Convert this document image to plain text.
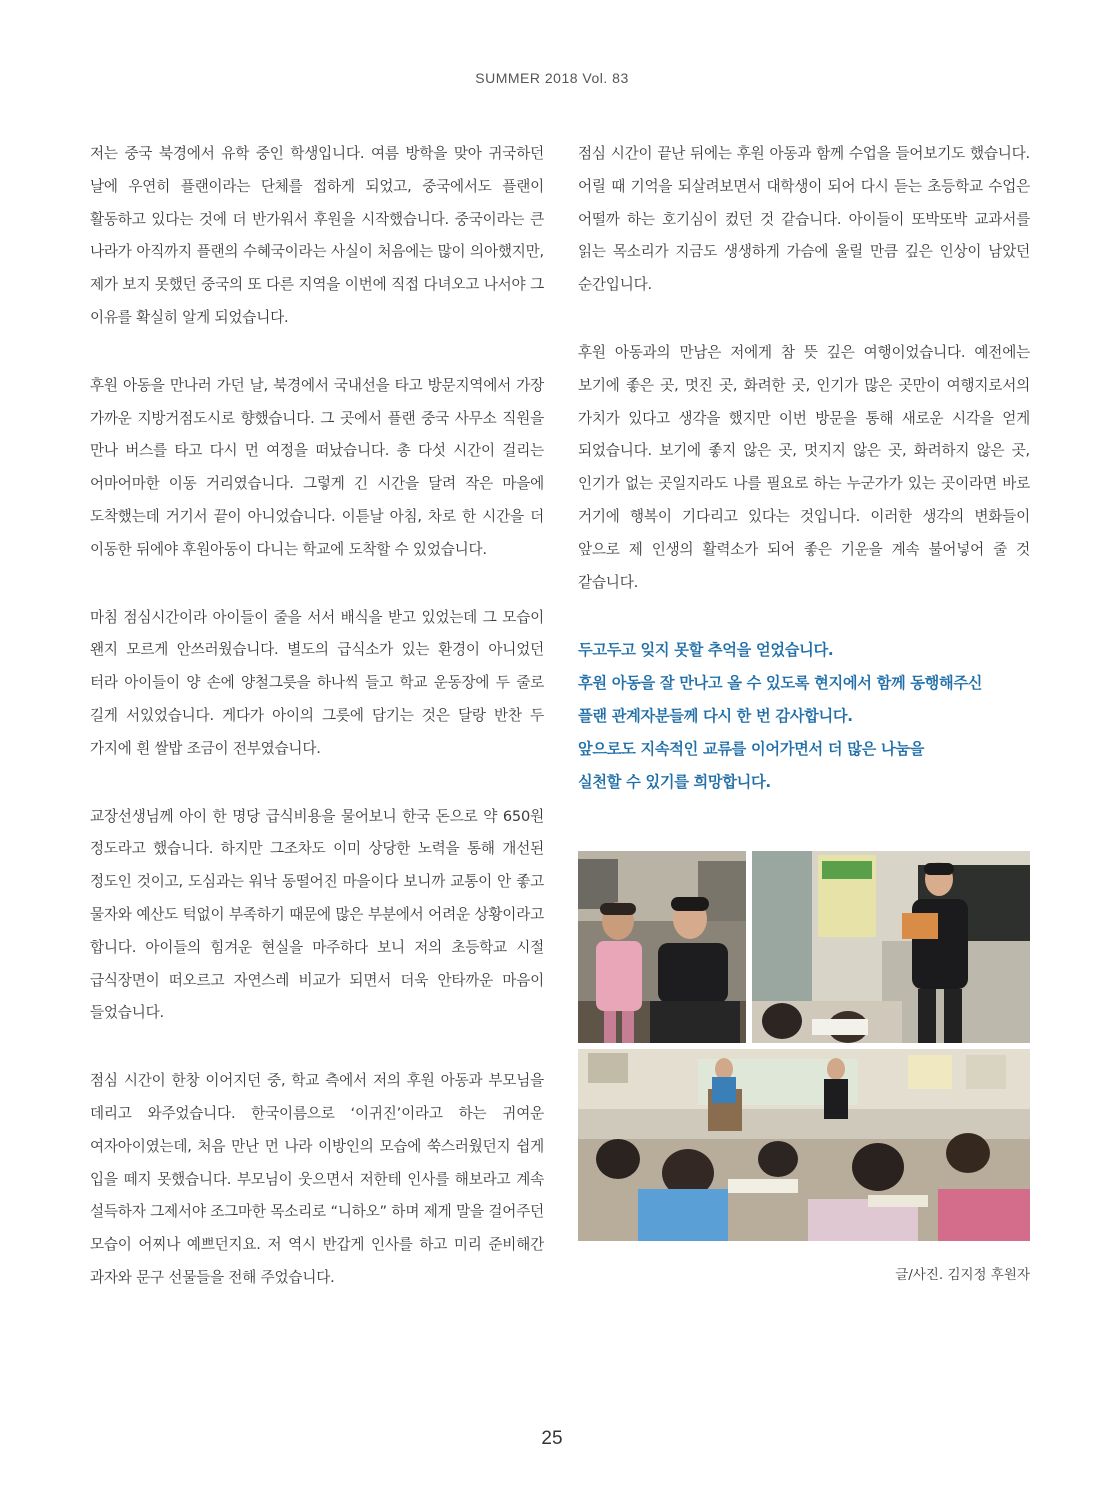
SUMMER 2018 Vol. 83

저는 중국 북경에서 유학 중인 학생입니다. 여름 방학을 맞아 귀국하던 날에 우연히 플랜이라는 단체를 접하게 되었고, 중국에서도 플랜이 활동하고 있다는 것에 더 반가워서 후원을 시작했습니다. 중국이라는 큰 나라가 아직까지 플랜의 수혜국이라는 사실이 처음에는 많이 의아했지만, 제가 보지 못했던 중국의 또 다른 지역을 이번에 직접 다녀오고 나서야 그 이유를 확실히 알게 되었습니다.

후원 아동을 만나러 가던 날, 북경에서 국내선을 타고 방문지역에서 가장 가까운 지방거점도시로 향했습니다. 그 곳에서 플랜 중국 사무소 직원을 만나 버스를 타고 다시 먼 여정을 떠났습니다. 총 다섯 시간이 걸리는 어마어마한 이동 거리였습니다. 그렇게 긴 시간을 달려 작은 마을에 도착했는데 거기서 끝이 아니었습니다. 이튿날 아침, 차로 한 시간을 더 이동한 뒤에야 후원아동이 다니는 학교에 도착할 수 있었습니다.

마침 점심시간이라 아이들이 줄을 서서 배식을 받고 있었는데 그 모습이 왠지 모르게 안쓰러웠습니다. 별도의 급식소가 있는 환경이 아니었던 터라 아이들이 양 손에 양철그릇을 하나씩 들고 학교 운동장에 두 줄로 길게 서있었습니다. 게다가 아이의 그릇에 담기는 것은 달랑 반찬 두 가지에 흰 쌀밥 조금이 전부였습니다.

교장선생님께 아이 한 명당 급식비용을 물어보니 한국 돈으로 약 650원 정도라고 했습니다. 하지만 그조차도 이미 상당한 노력을 통해 개선된 정도인 것이고, 도심과는 워낙 동떨어진 마을이다 보니까 교통이 안 좋고 물자와 예산도 턱없이 부족하기 때문에 많은 부분에서 어려운 상황이라고 합니다. 아이들의 힘겨운 현실을 마주하다 보니 저의 초등학교 시절 급식장면이 떠오르고 자연스레 비교가 되면서 더욱 안타까운 마음이 들었습니다.

점심 시간이 한창 이어지던 중, 학교 측에서 저의 후원 아동과 부모님을 데리고 와주었습니다. 한국이름으로 ‘이귀진’이라고 하는 귀여운 여자아이였는데, 처음 만난 먼 나라 이방인의 모습에 쑥스러웠던지 쉽게 입을 떼지 못했습니다. 부모님이 웃으면서 저한테 인사를 해보라고 계속 설득하자 그제서야 조그마한 목소리로 “니하오” 하며 제게 말을 걸어주던 모습이 어찌나 예쁘던지요. 저 역시 반갑게 인사를 하고 미리 준비해간 과자와 문구 선물들을 전해 주었습니다.

점심 시간이 끝난 뒤에는 후원 아동과 함께 수업을 들어보기도 했습니다. 어릴 때 기억을 되살려보면서 대학생이 되어 다시 듣는 초등학교 수업은 어떨까 하는 호기심이 컸던 것 같습니다. 아이들이 또박또박 교과서를 읽는 목소리가 지금도 생생하게 가슴에 울릴 만큼 깊은 인상이 남았던 순간입니다.

후원 아동과의 만남은 저에게 참 뜻 깊은 여행이었습니다. 예전에는 보기에 좋은 곳, 멋진 곳, 화려한 곳, 인기가 많은 곳만이 여행지로서의 가치가 있다고 생각을 했지만 이번 방문을 통해 새로운 시각을 얻게 되었습니다. 보기에 좋지 않은 곳, 멋지지 않은 곳, 화려하지 않은 곳, 인기가 없는 곳일지라도 나를 필요로 하는 누군가가 있는 곳이라면 바로 거기에 행복이 기다리고 있다는 것입니다. 이러한 생각의 변화들이 앞으로 제 인생의 활력소가 되어 좋은 기운을 계속 불어넣어 줄 것 같습니다.

두고두고 잊지 못할 추억을 얻었습니다.

후원 아동을 잘 만나고 올 수 있도록 현지에서 함께 동행해주신

플랜 관계자분들께 다시 한 번 감사합니다.

앞으로도 지속적인 교류를 이어가면서 더 많은 나눔을

실천할 수 있기를 희망합니다.

글/사진. 김지정 후원자
25
